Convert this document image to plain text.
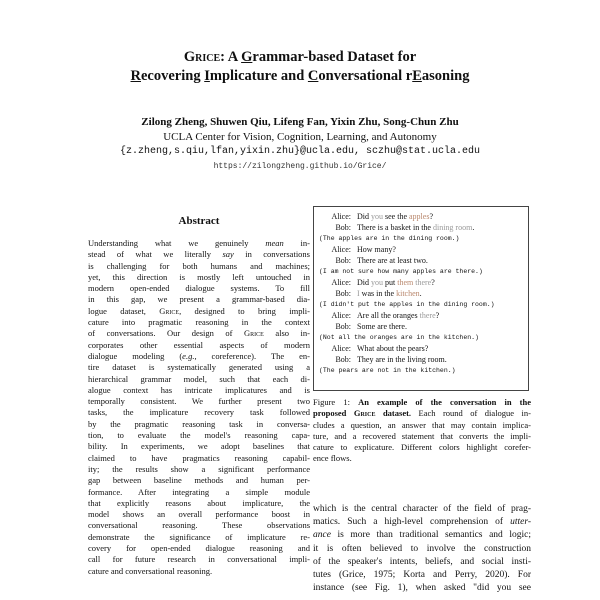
Grice: A Grammar-based Dataset for
Recovering Implicature and Conversational rEasoning
Zilong Zheng, Shuwen Qiu, Lifeng Fan, Yixin Zhu, Song-Chun Zhu
UCLA Center for Vision, Cognition, Learning, and Autonomy
{z.zheng,s.qiu,lfan,yixin.zhu}@ucla.edu, sczhu@stat.ucla.edu
https://zilongzheng.github.io/Grice/
Abstract
Understanding what we genuinely mean in-
stead of what we literally say in conversations
is challenging for both humans and machines;
yet, this direction is mostly left untouched in
modern open-ended dialogue systems. To fill
in this gap, we present a grammar-based dia-
logue dataset, Grice, designed to bring impli-
cature into pragmatic reasoning in the context
of conversations. Our design of Grice also in-
corporates other essential aspects of modern
dialogue modeling (e.g., coreference). The en-
tire dataset is systematically generated using a
hierarchical grammar model, such that each di-
alogue context has intricate implicatures and is
temporally consistent. We further present two
tasks, the implicature recovery task followed
by the pragmatic reasoning task in conversa-
tion, to evaluate the model's reasoning capa-
bility. In experiments, we adopt baselines that
claimed to have pragmatics reasoning capabil-
ity; the results show a significant performance
gap between baseline methods and human per-
formance. After integrating a simple module
that explicitly reasons about implicature, the
model shows an overall performance boost in
conversational reasoning. These observations
demonstrate the significance of implicature re-
covery for open-ended dialogue reasoning and
call for future research in conversational impli-
cature and conversational reasoning.
Alice: Did you see the apples?
Bob: There is a basket in the dining room.
(The apples are in the dining room.)
Alice: How many?
Bob: There are at least two.
(I am not sure how many apples are there.)
Alice: Did you put them there?
Bob: I was in the kitchen.
(I didn't put the apples in the dining room.)
Alice: Are all the oranges there?
Bob: Some are there.
(Not all the oranges are in the kitchen.)
Alice: What about the pears?
Bob: They are in the living room.
(The pears are not in the kitchen.)
Figure 1: An example of the conversation in the
proposed Grice dataset. Each round of dialogue in-
cludes a question, an answer that may contain implica-
ture, and a recovered statement that converts the impli-
cature to explicature. Different colors highlight corefer-
ence flows.
which is the central character of the field of prag-
matics. Such a high-level comprehension of utter-
ance is more than traditional semantics and logic;
it is often believed to involve the construction
of the speaker's intents, beliefs, and social insti-
tutes (Grice, 1975; Korta and Perry, 2020). For
instance (see Fig. 1), when asked "did you see
